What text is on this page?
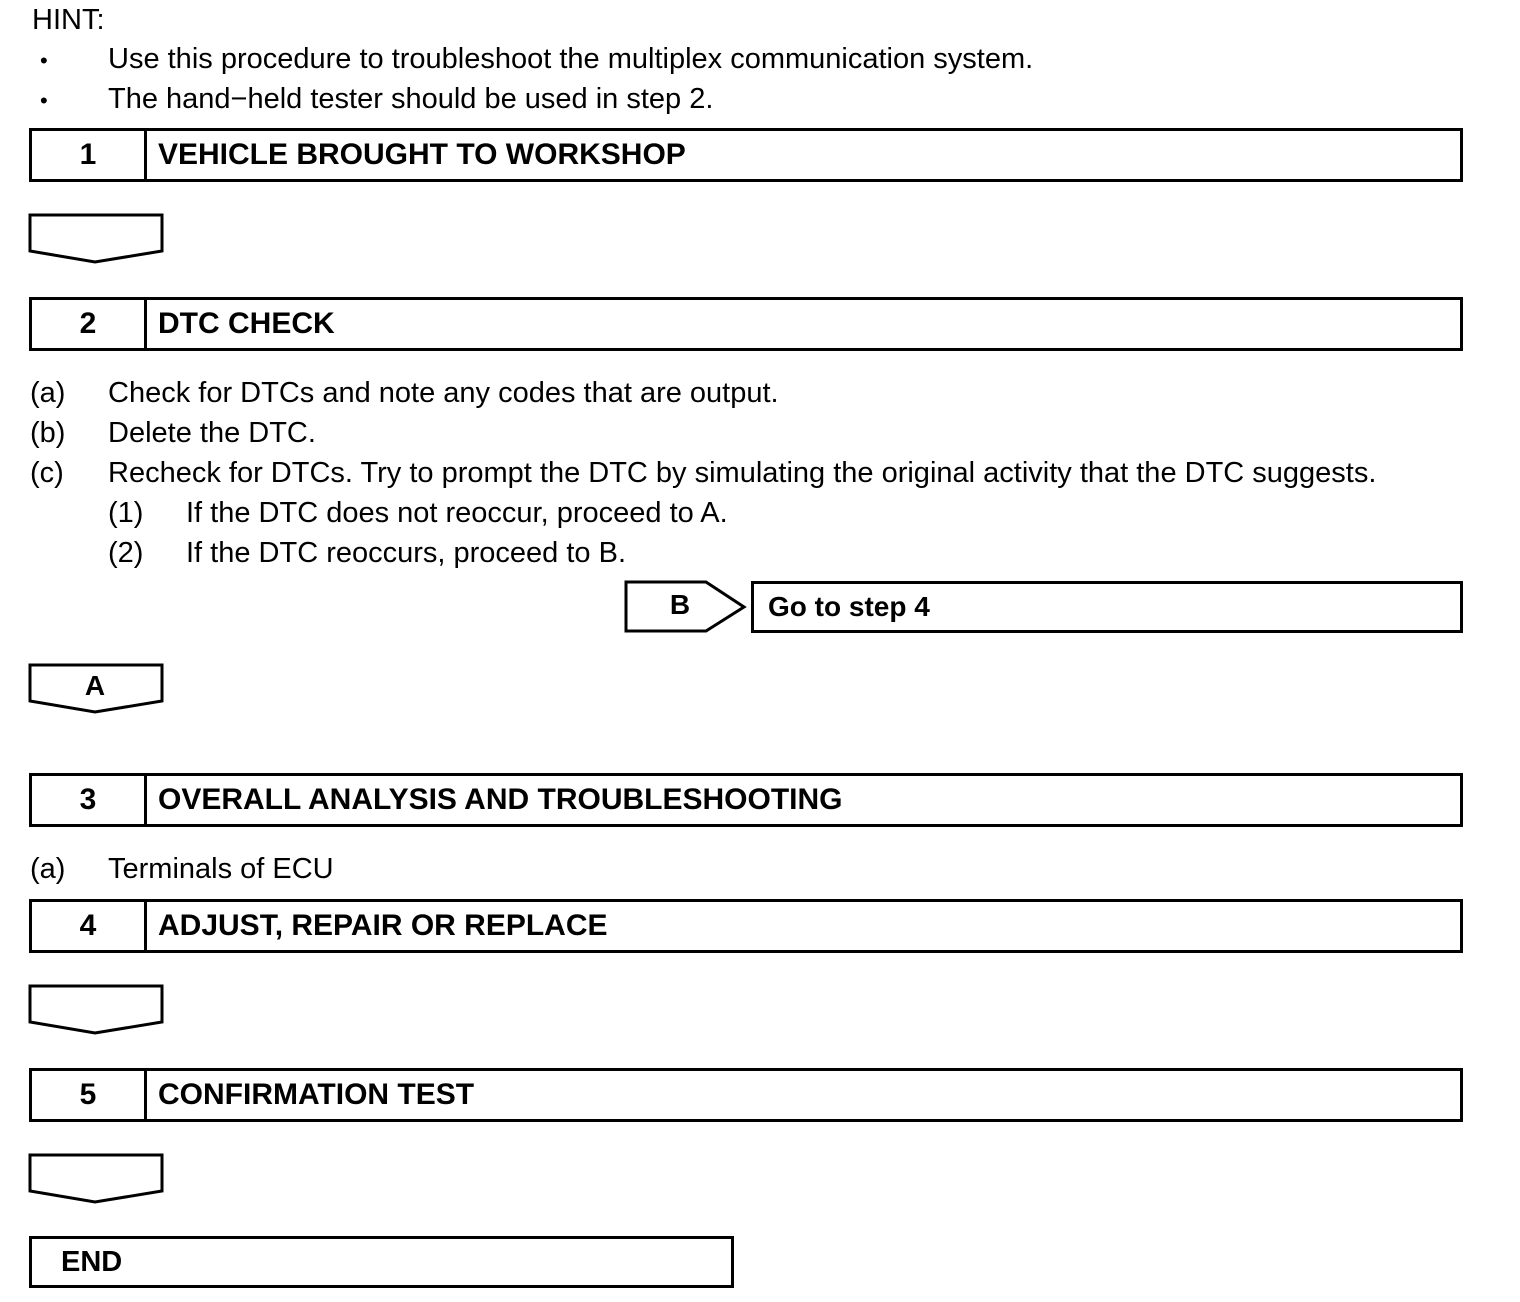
HINT:
• Use this procedure to troubleshoot the multiplex communication system.
• The hand−held tester should be used in step 2.
1	VEHICLE BROUGHT TO WORKSHOP
2	DTC CHECK
(a) Check for DTCs and note any codes that are output.
(b) Delete the DTC.
(c) Recheck for DTCs. Try to prompt the DTC by simulating the original activity that the DTC suggests.
(1) If the DTC does not reoccur, proceed to A.
(2) If the DTC reoccurs, proceed to B.
B	Go to step 4
A
3	OVERALL ANALYSIS AND TROUBLESHOOTING
(a) Terminals of ECU
4	ADJUST, REPAIR OR REPLACE
5	CONFIRMATION TEST
END
